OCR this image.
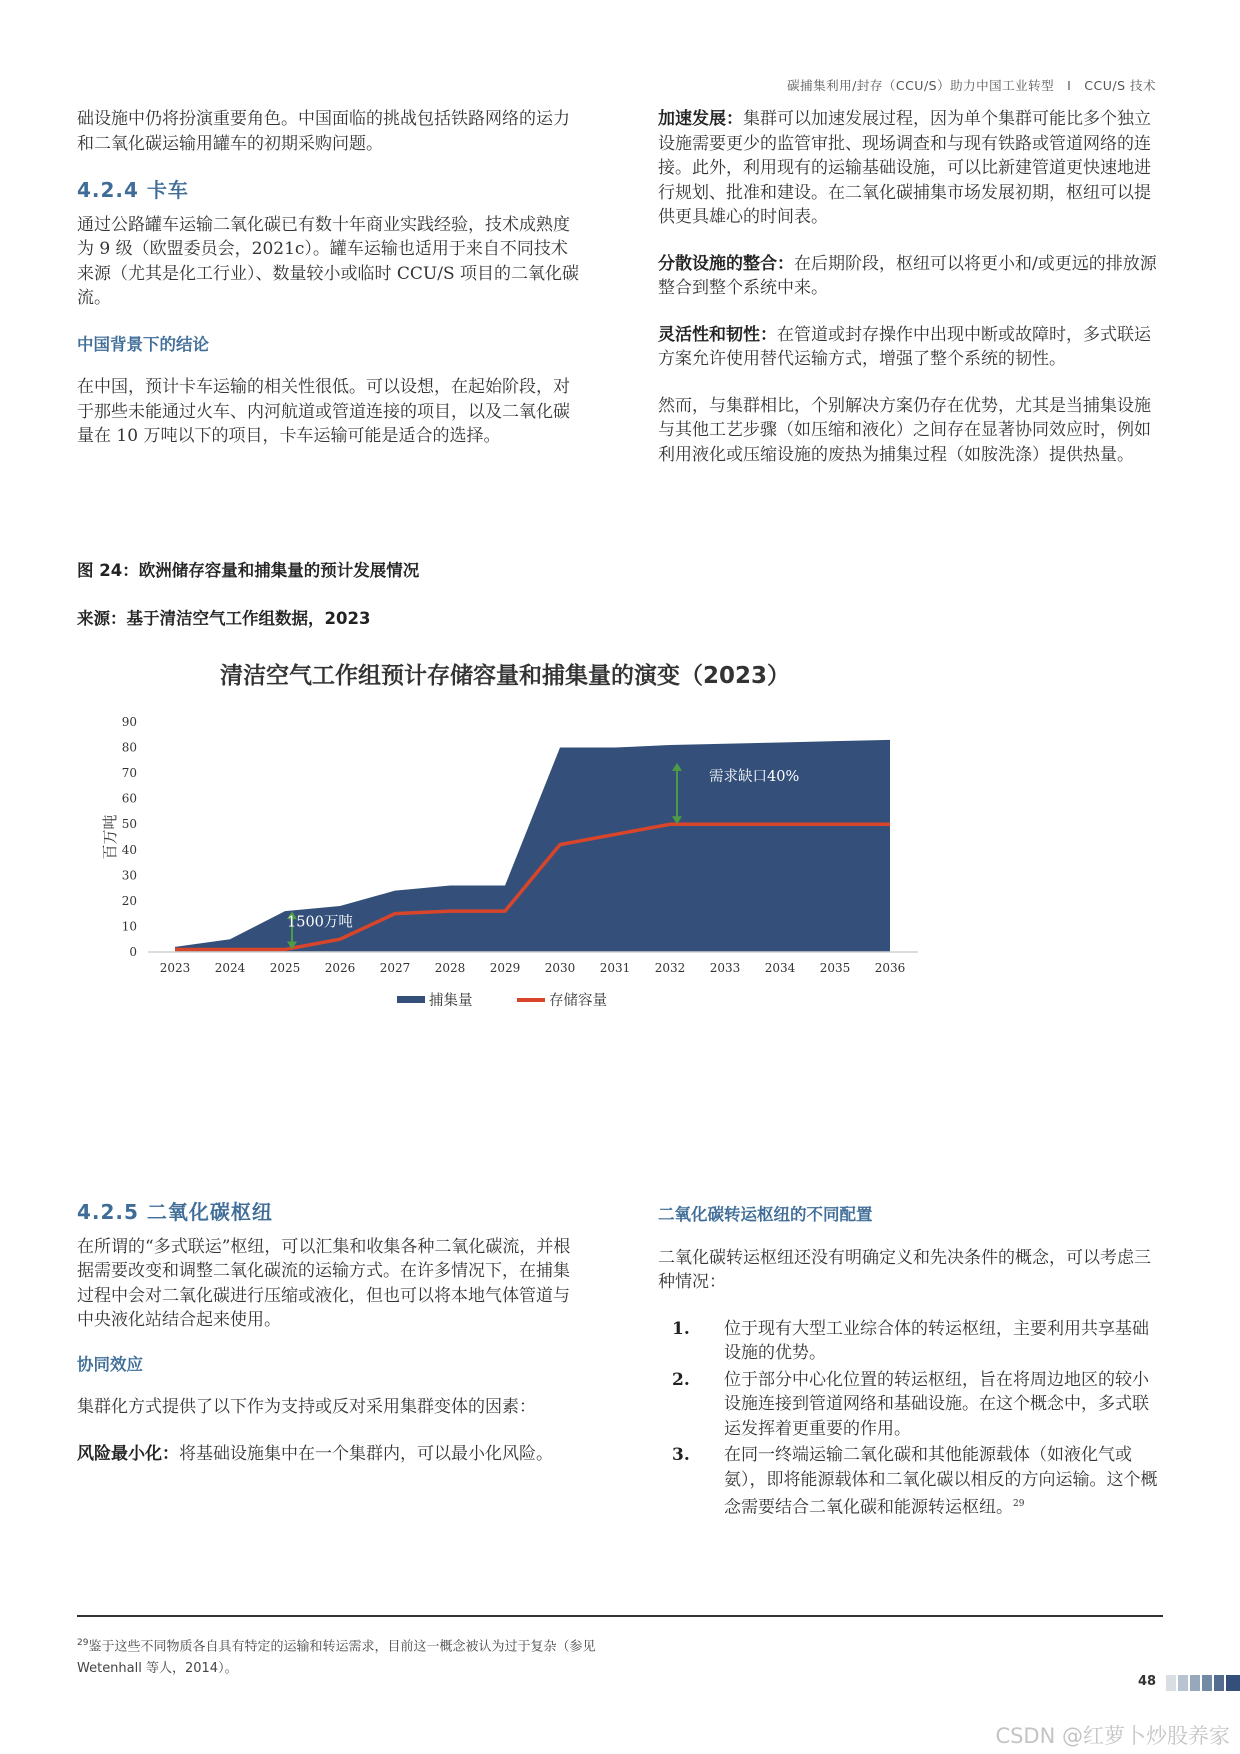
碳捕集利用/封存（CCU/S）助力中国工业转型　I　CCU/S 技术

础设施中仍将扮演重要角色。中国面临的挑战包括铁路网络的运力和二氧化碳运输用罐车的初期采购问题。

4.2.4 卡车

通过公路罐车运输二氧化碳已有数十年商业实践经验，技术成熟度为 9 级（欧盟委员会，2021c）。罐车运输也适用于来自不同技术来源（尤其是化工行业）、数量较小或临时 CCU/S 项目的二氧化碳流。

中国背景下的结论

在中国，预计卡车运输的相关性很低。可以设想，在起始阶段，对于那些未能通过火车、内河航道或管道连接的项目，以及二氧化碳量在 10 万吨以下的项目，卡车运输可能是适合的选择。

加速发展：集群可以加速发展过程，因为单个集群可能比多个独立设施需要更少的监管审批、现场调查和与现有铁路或管道网络的连接。此外，利用现有的运输基础设施，可以比新建管道更快速地进行规划、批准和建设。在二氧化碳捕集市场发展初期，枢纽可以提供更具雄心的时间表。

分散设施的整合：在后期阶段，枢纽可以将更小和/或更远的排放源整合到整个系统中来。

灵活性和韧性：在管道或封存操作中出现中断或故障时，多式联运方案允许使用替代运输方式，增强了整个系统的韧性。

然而，与集群相比，个别解决方案仍存在优势，尤其是当捕集设施与其他工艺步骤（如压缩和液化）之间存在显著协同效应时，例如利用液化或压缩设施的废热为捕集过程（如胺洗涤）提供热量。

图 24：欧洲储存容量和捕集量的预计发展情况
来源：基于清洁空气工作组数据，2023
清洁空气工作组预计存储容量和捕集量的演变（2023）
0
10
20
30
40
50
60
70
80
90
2023 2024 2025 2026 2027 2028 2029 2030 2031 2032 2033 2034 2035 2036
百万吨
需求缺口40%
1500万吨
捕集量	存储容量
4.2.5 二氧化碳枢纽

在所谓的“多式联运”枢纽，可以汇集和收集各种二氧化碳流，并根据需要改变和调整二氧化碳流的运输方式。在许多情况下，在捕集过程中会对二氧化碳进行压缩或液化，但也可以将本地气体管道与中央液化站结合起来使用。

协同效应

集群化方式提供了以下作为支持或反对采用集群变体的因素：

风险最小化：将基础设施集中在一个集群内，可以最小化风险。

二氧化碳转运枢纽的不同配置

二氧化碳转运枢纽还没有明确定义和先决条件的概念，可以考虑三种情况：

1.	位于现有大型工业综合体的转运枢纽，主要利用共享基础设施的优势。
2.	位于部分中心化位置的转运枢纽，旨在将周边地区的较小设施连接到管道网络和基础设施。在这个概念中，多式联运发挥着更重要的作用。
3.	在同一终端运输二氧化碳和其他能源载体（如液化气或氨），即将能源载体和二氧化碳以相反的方向运输。这个概念需要结合二氧化碳和能源转运枢纽。$^{29}$
$^{29}$鉴于这些不同物质各自具有特定的运输和转运需求，目前这一概念被认为过于复杂（参见 Wetenhall 等人，2014）。
48
CSDN @红萝卜炒股养家
